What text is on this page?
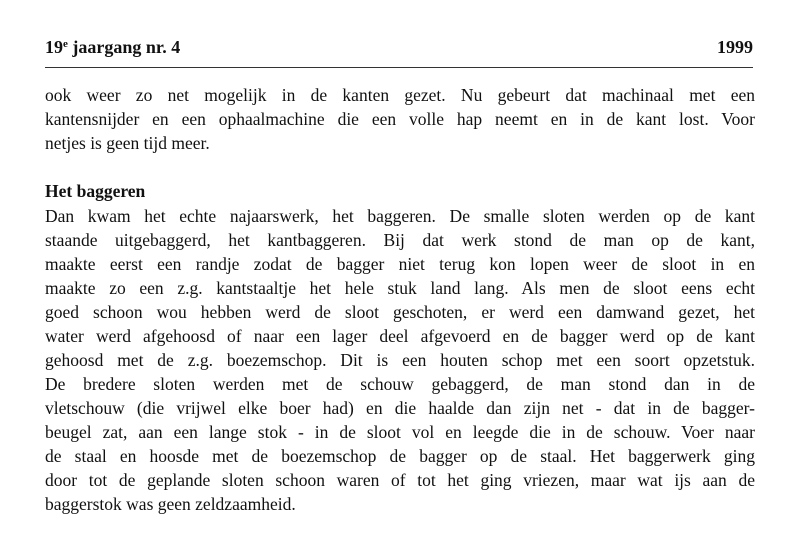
19e jaargang nr. 4	1999
ook weer zo net mogelijk in de kanten gezet. Nu gebeurt dat machinaal met een
kantensnijder en een ophaalmachine die een volle hap neemt en in de kant lost. Voor
netjes is geen tijd meer.
Het baggeren
Dan kwam het echte najaarswerk, het baggeren. De smalle sloten werden op de kant
staande uitgebaggerd, het kantbaggeren. Bij dat werk stond de man op de kant,
maakte eerst een randje zodat de bagger niet terug kon lopen weer de sloot in en
maakte zo een z.g. kantstaaltje het hele stuk land lang. Als men de sloot eens echt
goed schoon wou hebben werd de sloot geschoten, er werd een damwand gezet, het
water werd afgehoosd of naar een lager deel afgevoerd en de bagger werd op de kant
gehoosd met de z.g. boezemschop. Dit is een houten schop met een soort opzetstuk.
De bredere sloten werden met de schouw gebaggerd, de man stond dan in de
vletschouw (die vrijwel elke boer had) en die haalde dan zijn net - dat in de bagger-
beugel zat, aan een lange stok - in de sloot vol en leegde die in de schouw. Voer naar
de staal en hoosde met de boezemschop de bagger op de staal. Het baggerwerk ging
door tot de geplande sloten schoon waren of tot het ging vriezen, maar wat ijs aan de
baggerstok was geen zeldzaamheid.
